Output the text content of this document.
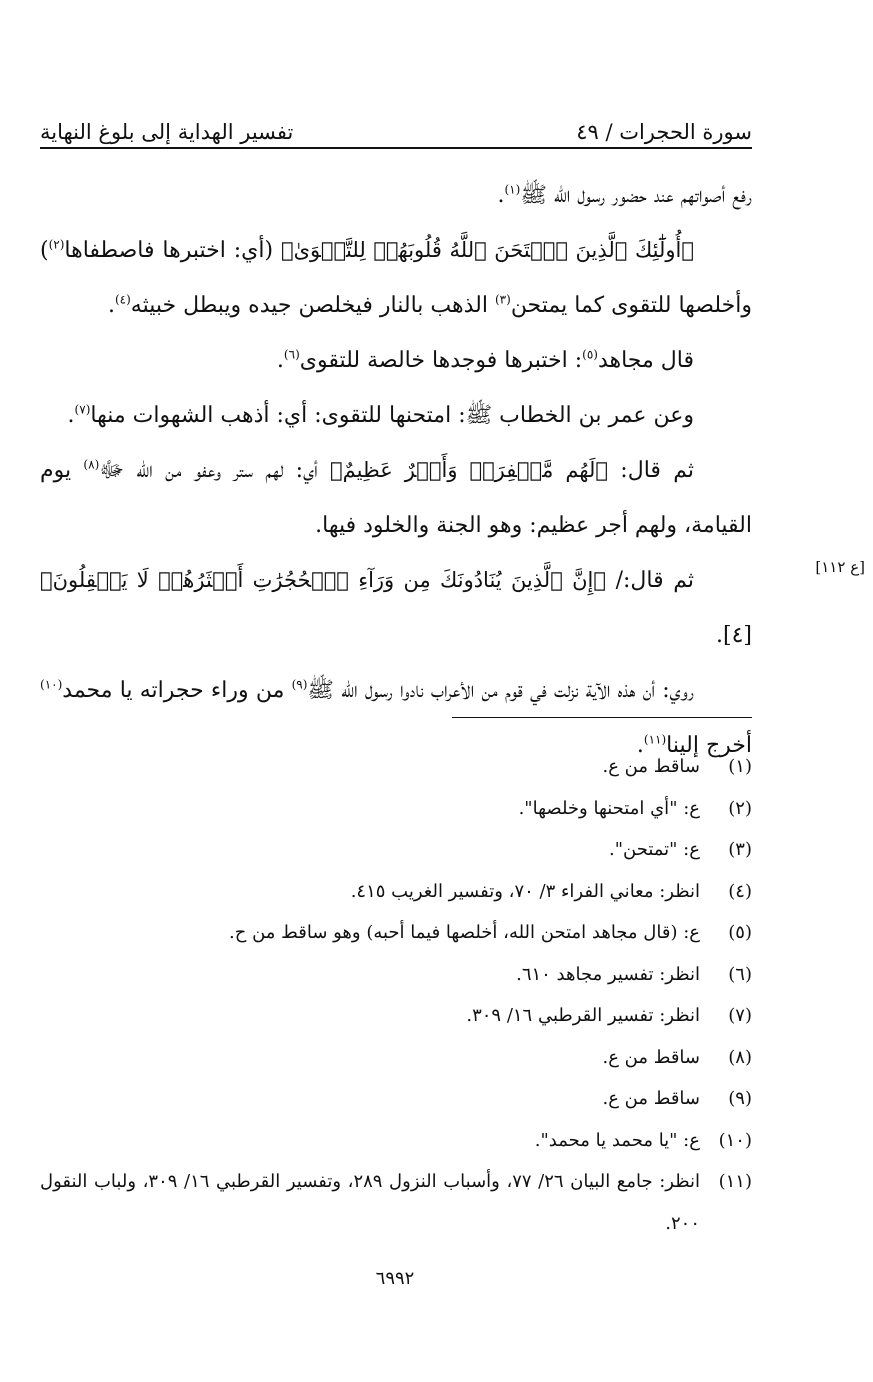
تفسير الهداية إلى بلوغ النهاية	سورة الحجرات / ٤٩

رفع أصواتهم عند حضور رسول الله ﷺ$^{(١)}$.

﴿أُولَٰٓئِكَ ٱلَّذِينَ ٱمۡتَحَنَ ٱللَّهُ قُلُوبَهُمۡ لِلتَّقۡوَىٰ﴾ (أي: اختبرها فاصطفاها$^{(٢)}$) وأخلصها للتقوى كما يمتحن$^{(٣)}$ الذهب بالنار فيخلصن جيده ويبطل خبيثه$^{(٤)}$.

قال مجاهد$^{(٥)}$: اختبرها فوجدها خالصة للتقوى$^{(٦)}$.

وعن عمر بن الخطاب ﷺ: امتحنها للتقوى: أي: أذهب الشهوات منها$^{(٧)}$.

ثم قال: ﴿لَهُم مَّغۡفِرَةٞ وَأَجۡرٌ عَظِيمٌ﴾ أي: لهم ستر وعفو من الله ﷻ$^{(٨)}$ يوم القيامة، ولهم أجر عظيم: وهو الجنة والخلود فيها.

ثم قال:/ ﴿إِنَّ ٱلَّذِينَ يُنَادُونَكَ مِن وَرَآءِ ٱلۡحُجُرَٰتِ أَكۡثَرُهُمۡ لَا يَعۡقِلُونَ﴾ [٤].

روي: أن هذه الآية نزلت في قوم من الأعراب نادوا رسول الله ﷺ$^{(٩)}$ من وراء حجراته يا محمد$^{(١٠)}$ أخرج إلينا$^{(١١)}$.

[ع ١١٢]
(١)
ساقط من ع.
(٢)
ع: "أي امتحنها وخلصها".
(٣)
ع: "تمتحن".
(٤)
انظر: معاني الفراء ٣/ ٧٠، وتفسير الغريب ٤١٥.
(٥)
ع: (قال مجاهد امتحن الله، أخلصها فيما أحبه) وهو ساقط من ح.
(٦)
انظر: تفسير مجاهد ٦١٠.
(٧)
انظر: تفسير القرطبي ١٦/ ٣٠٩.
(٨)
ساقط من ع.
(٩)
ساقط من ع.
(١٠)
ع: "يا محمد يا محمد".
(١١)
انظر: جامع البيان ٢٦/ ٧٧، وأسباب النزول ٢٨٩، وتفسير القرطبي ١٦/ ٣٠٩، ولباب النقول ٢٠٠.
٦٩٩٢
